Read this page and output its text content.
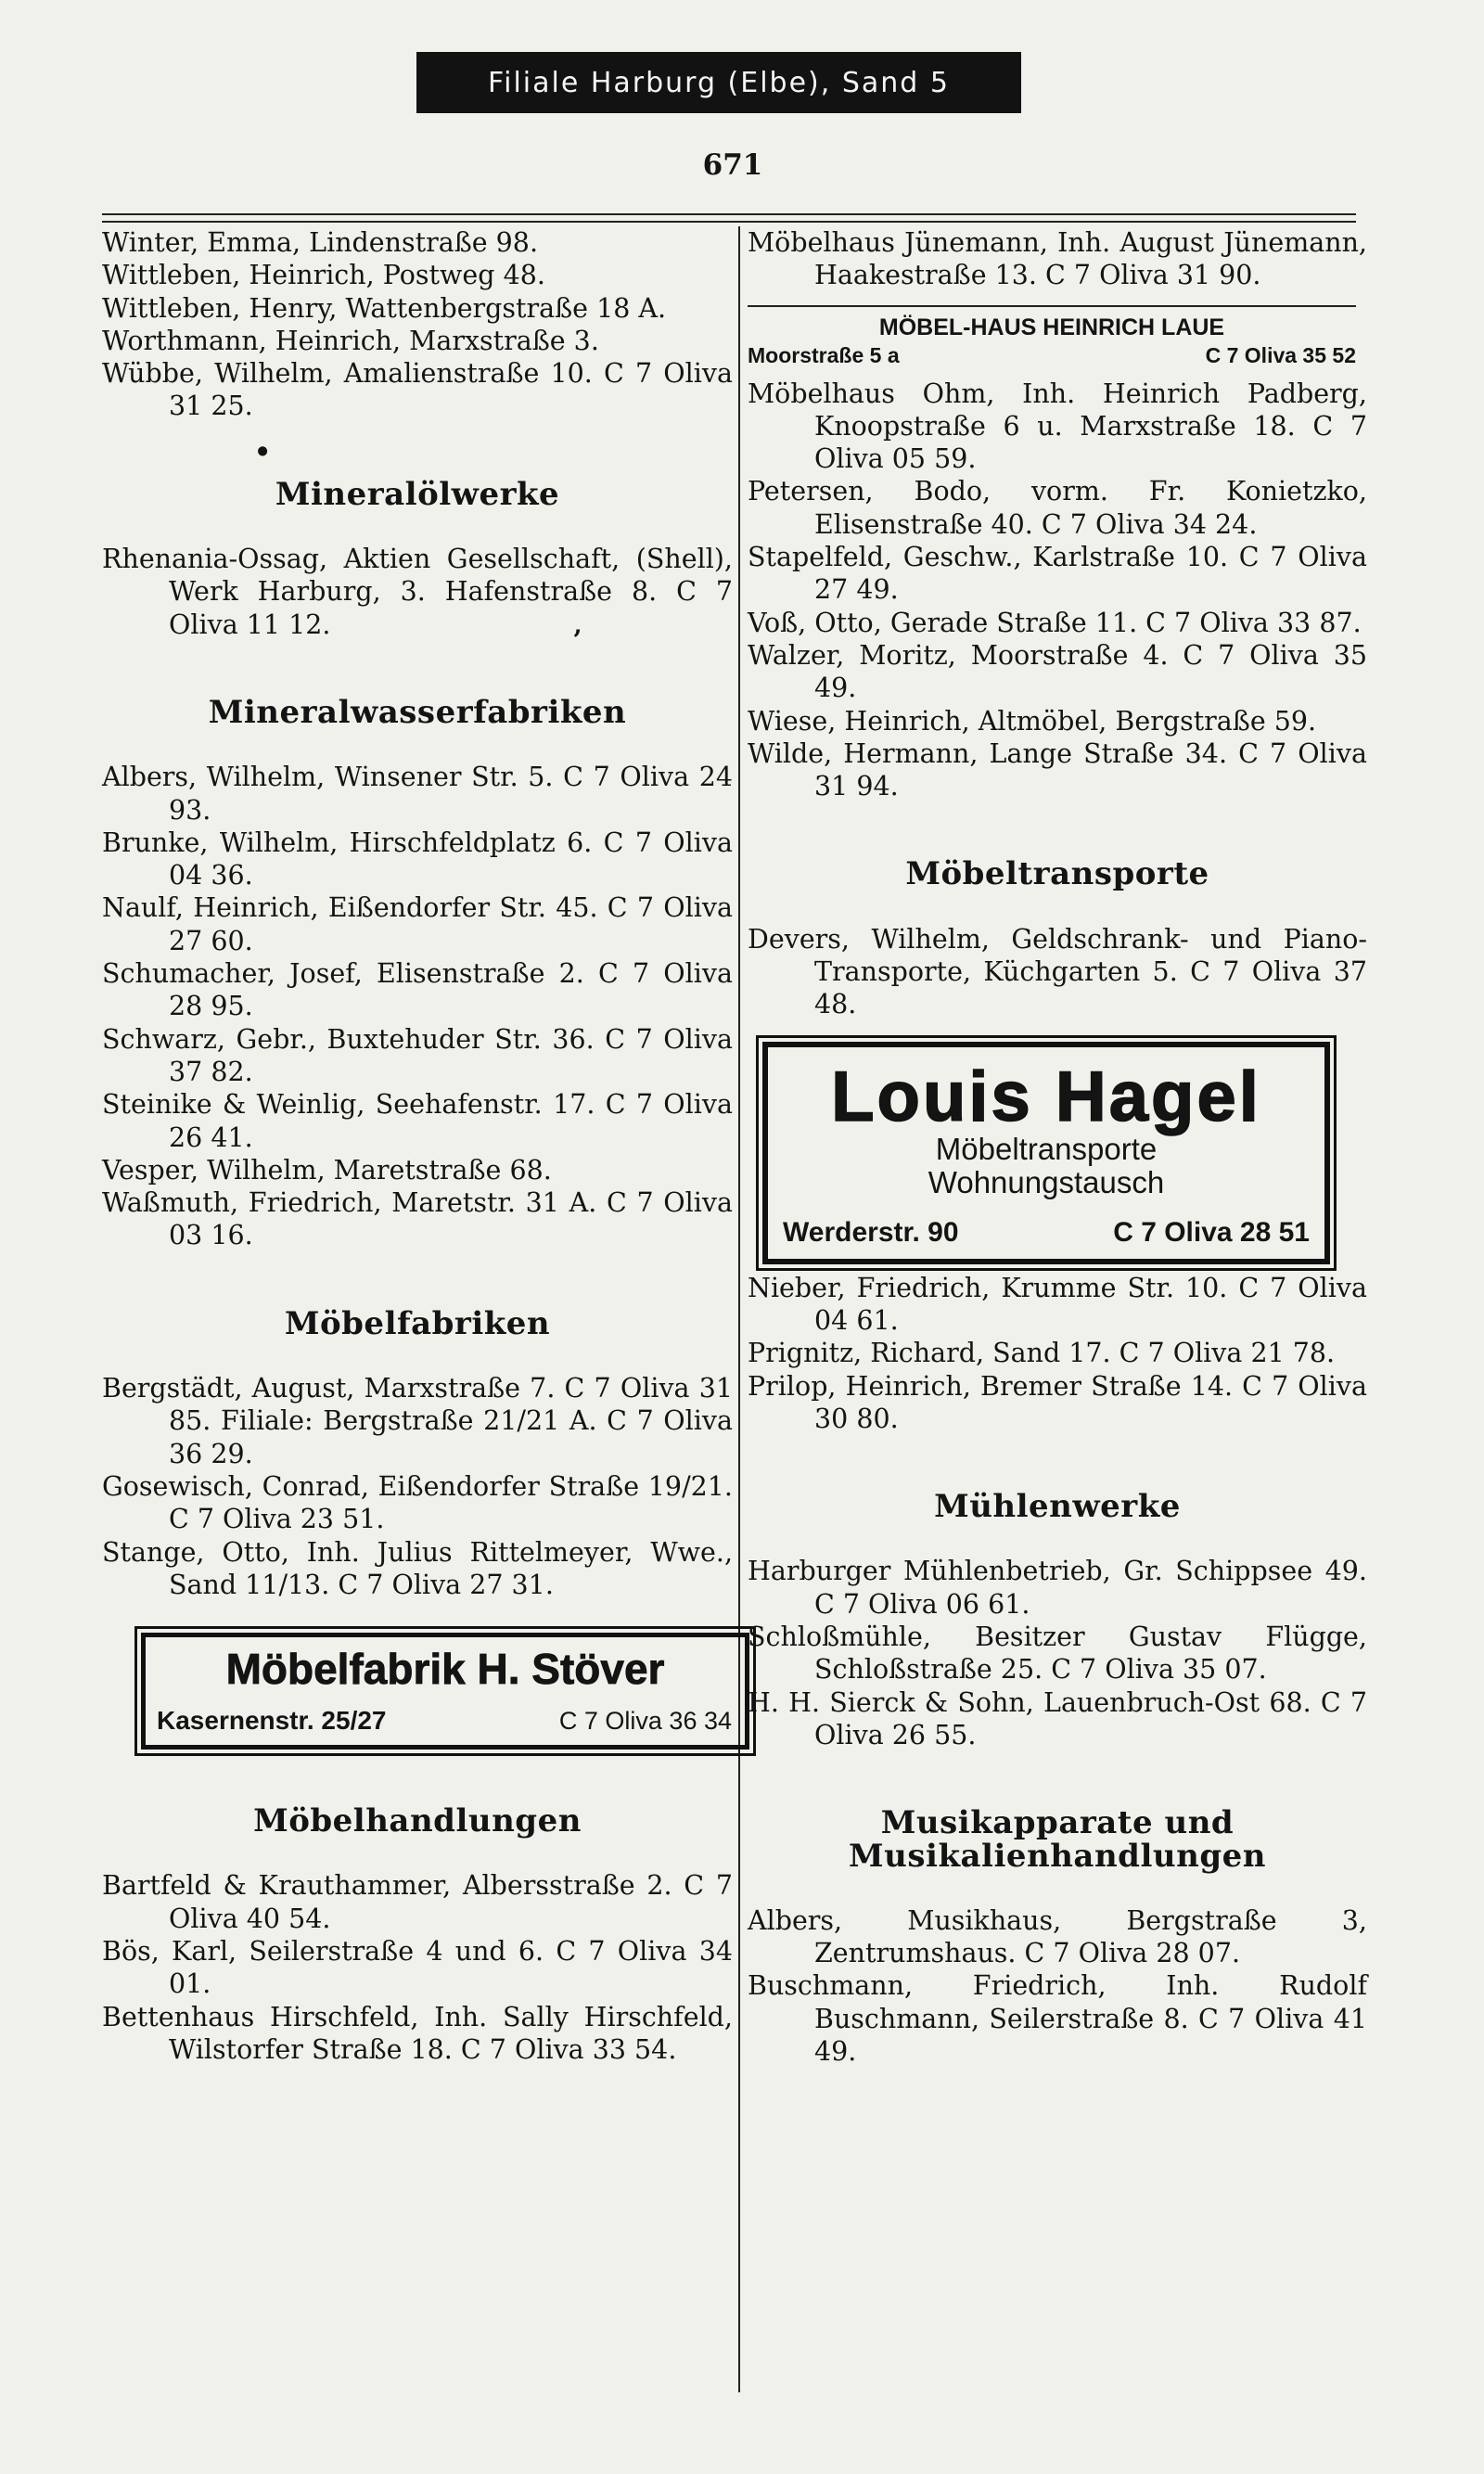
Filiale Harburg (Elbe), Sand 5
671
Winter, Emma, Lindenstraße 98.
Wittleben, Heinrich, Postweg 48.
Wittleben, Henry, Wattenbergstraße 18 A.
Worthmann, Heinrich, Marxstraße 3.
Wübbe, Wilhelm, Amalienstraße 10. C 7 Oliva 31 25.
•
Mineralölwerke
Rhenania-Ossag, Aktien Gesellschaft, (Shell), Werk Harburg, 3. Hafenstraße 8. C 7 Oliva 11 12.	‚
Mineralwasserfabriken
Albers, Wilhelm, Winsener Str. 5. C 7 Oliva 24 93.
Brunke, Wilhelm, Hirschfeldplatz 6. C 7 Oliva 04 36.
Naulf, Heinrich, Eißendorfer Str. 45. C 7 Oliva 27 60.
Schumacher, Josef, Elisenstraße 2. C 7 Oliva 28 95.
Schwarz, Gebr., Buxtehuder Str. 36. C 7 Oliva 37 82.
Steinike & Weinlig, Seehafenstr. 17. C 7 Oliva 26 41.
Vesper, Wilhelm, Maretstraße 68.
Waßmuth, Friedrich, Maretstr. 31 A. C 7 Oliva 03 16.
Möbelfabriken
Bergstädt, August, Marxstraße 7. C 7 Oliva 31 85. Filiale: Bergstraße 21/21 A. C 7 Oliva 36 29.
Gosewisch, Conrad, Eißendorfer Straße 19/21. C 7 Oliva 23 51.
Stange, Otto, Inh. Julius Rittelmeyer, Wwe., Sand 11/13. C 7 Oliva 27 31.
Möbelfabrik H. Stöver
Kasernenstr. 25/27	C 7 Oliva 36 34
Möbelhandlungen
Bartfeld & Krauthammer, Albersstraße 2. C 7 Oliva 40 54.
Bös, Karl, Seilerstraße 4 und 6. C 7 Oliva 34 01.
Bettenhaus Hirschfeld, Inh. Sally Hirschfeld, Wilstorfer Straße 18. C 7 Oliva 33 54.
Möbelhaus Jünemann, Inh. August Jünemann, Haakestraße 13. C 7 Oliva 31 90.
MÖBEL-HAUS HEINRICH LAUE
Moorstraße 5 a	C 7 Oliva 35 52
Möbelhaus Ohm, Inh. Heinrich Padberg, Knoopstraße 6 u. Marxstraße 18. C 7 Oliva 05 59.
Petersen, Bodo, vorm. Fr. Konietzko, Elisenstraße 40. C 7 Oliva 34 24.
Stapelfeld, Geschw., Karlstraße 10. C 7 Oliva 27 49.
Voß, Otto, Gerade Straße 11. C 7 Oliva 33 87.
Walzer, Moritz, Moorstraße 4. C 7 Oliva 35 49.
Wiese, Heinrich, Altmöbel, Bergstraße 59.
Wilde, Hermann, Lange Straße 34. C 7 Oliva 31 94.
Möbeltransporte
Devers, Wilhelm, Geldschrank- und Piano-Transporte, Küchgarten 5. C 7 Oliva 37 48.
Louis Hagel
Möbeltransporte
Wohnungstausch
Werderstr. 90	C 7 Oliva 28 51
Nieber, Friedrich, Krumme Str. 10. C 7 Oliva 04 61.
Prignitz, Richard, Sand 17. C 7 Oliva 21 78.
Prilop, Heinrich, Bremer Straße 14. C 7 Oliva 30 80.
Mühlenwerke
Harburger Mühlenbetrieb, Gr. Schippsee 49. C 7 Oliva 06 61.
Schloßmühle, Besitzer Gustav Flügge, Schloßstraße 25. C 7 Oliva 35 07.
H. H. Sierck & Sohn, Lauenbruch-Ost 68. C 7 Oliva 26 55.
Musikapparate und Musikalienhandlungen
Albers, Musikhaus, Bergstraße 3, Zentrumshaus. C 7 Oliva 28 07.
Buschmann, Friedrich, Inh. Rudolf Buschmann, Seilerstraße 8. C 7 Oliva 41 49.
